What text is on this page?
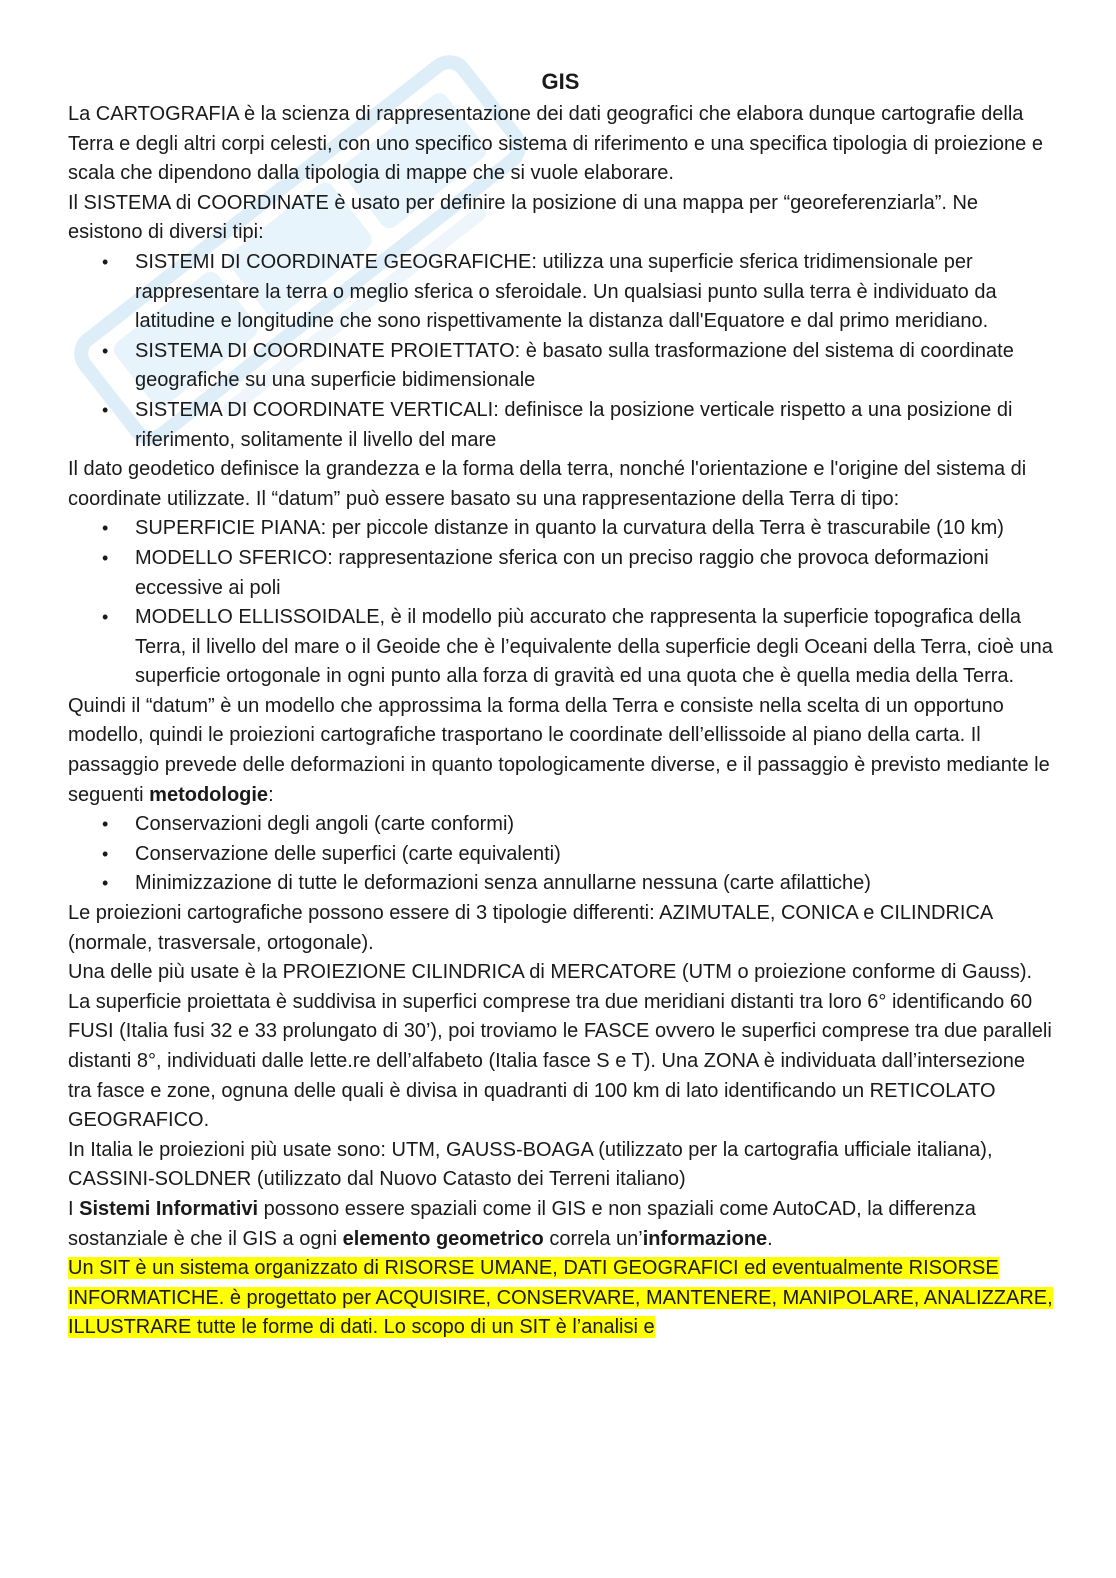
GIS

La CARTOGRAFIA è la scienza di rappresentazione dei dati geografici che elabora dunque cartografie della Terra e degli altri corpi celesti, con uno specifico sistema di riferimento e una specifica tipologia di proiezione e scala che dipendono dalla tipologia di mappe che si vuole elaborare.

Il SISTEMA di COORDINATE è usato per definire la posizione di una mappa per “georeferenziarla”. Ne esistono di diversi tipi:

• SISTEMI DI COORDINATE GEOGRAFICHE: utilizza una superficie sferica tridimensionale per rappresentare la terra o meglio sferica o sferoidale. Un qualsiasi punto sulla terra è individuato da latitudine e longitudine che sono rispettivamente la distanza dall'Equatore e dal primo meridiano.
• SISTEMA DI COORDINATE PROIETTATO: è basato sulla trasformazione del sistema di coordinate geografiche su una superficie bidimensionale
• SISTEMA DI COORDINATE VERTICALI: definisce la posizione verticale rispetto a una posizione di riferimento, solitamente il livello del mare

Il dato geodetico definisce la grandezza e la forma della terra, nonché l'orientazione e l'origine del sistema di coordinate utilizzate. Il “datum” può essere basato su una rappresentazione della Terra di tipo:

• SUPERFICIE PIANA: per piccole distanze in quanto la curvatura della Terra è trascurabile (10 km)
• MODELLO SFERICO: rappresentazione sferica con un preciso raggio che provoca deformazioni eccessive ai poli
• MODELLO ELLISSOIDALE, è il modello più accurato che rappresenta la superficie topografica della Terra, il livello del mare o il Geoide che è l’equivalente della superficie degli Oceani della Terra, cioè una superficie ortogonale in ogni punto alla forza di gravità ed una quota che è quella media della Terra.

Quindi il “datum” è un modello che approssima la forma della Terra e consiste nella scelta di un opportuno modello, quindi le proiezioni cartografiche trasportano le coordinate dell’ellissoide al piano della carta. Il passaggio prevede delle deformazioni in quanto topologicamente diverse, e il passaggio è previsto mediante le seguenti metodologie:

• Conservazioni degli angoli (carte conformi)
• Conservazione delle superfici (carte equivalenti)
• Minimizzazione di tutte le deformazioni senza annullarne nessuna (carte afilattiche)

Le proiezioni cartografiche possono essere di 3 tipologie differenti: AZIMUTALE, CONICA e CILINDRICA (normale, trasversale, ortogonale).

Una delle più usate è la PROIEZIONE CILINDRICA di MERCATORE (UTM o proiezione conforme di Gauss). La superficie proiettata è suddivisa in superfici comprese tra due meridiani distanti tra loro 6° identificando 60 FUSI (Italia fusi 32 e 33 prolungato di 30’), poi troviamo le FASCE ovvero le superfici comprese tra due paralleli distanti 8°, individuati dalle lette.re dell’alfabeto (Italia fasce S e T). Una ZONA è individuata dall’intersezione tra fasce e zone, ognuna delle quali è divisa in quadranti di 100 km di lato identificando un RETICOLATO GEOGRAFICO.

In Italia le proiezioni più usate sono: UTM, GAUSS-BOAGA (utilizzato per la cartografia ufficiale italiana), CASSINI-SOLDNER (utilizzato dal Nuovo Catasto dei Terreni italiano)

I Sistemi Informativi possono essere spaziali come il GIS e non spaziali come AutoCAD, la differenza sostanziale è che il GIS a ogni elemento geometrico correla un’informazione.

Un SIT è un sistema organizzato di RISORSE UMANE, DATI GEOGRAFICI ed eventualmente RISORSE INFORMATICHE. è progettato per ACQUISIRE, CONSERVARE, MANTENERE, MANIPOLARE, ANALIZZARE, ILLUSTRARE tutte le forme di dati. Lo scopo di un SIT è l’analisi e
